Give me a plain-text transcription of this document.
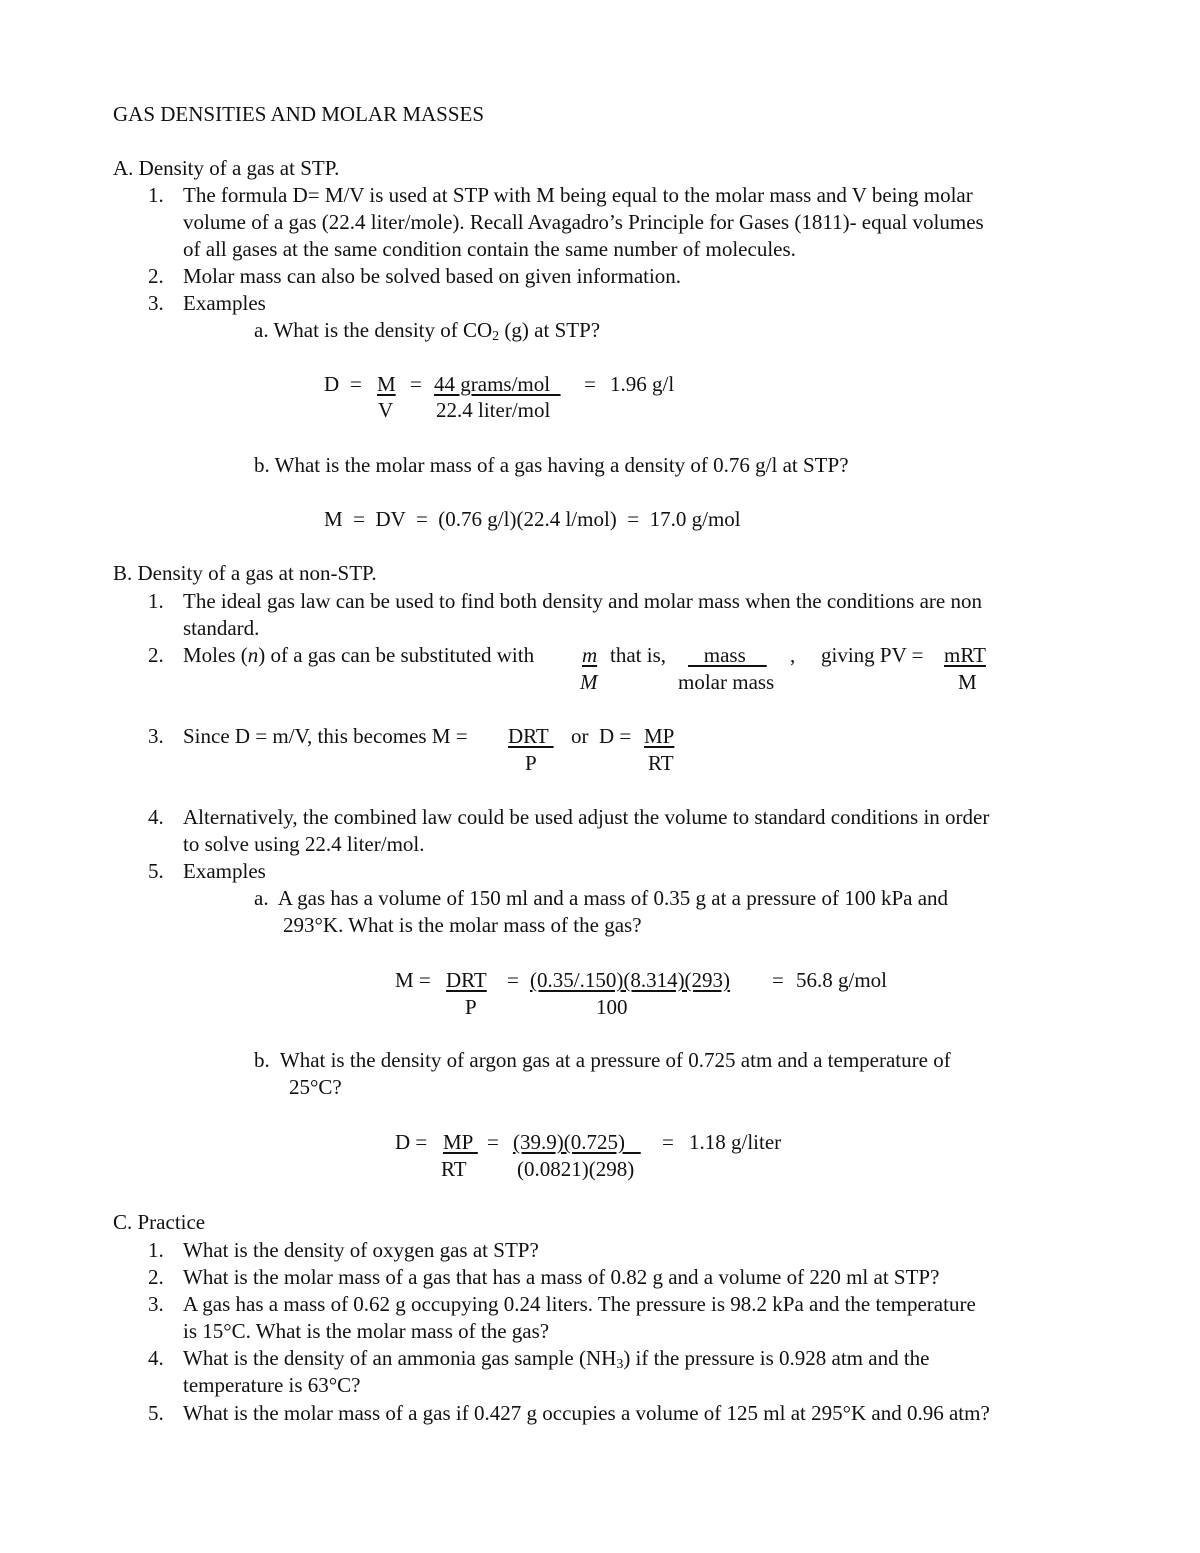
GAS DENSITIES AND MOLAR MASSES
A. Density of a gas at STP.
1. The formula D= M/V is used at STP with M being equal to the molar mass and V being molar
volume of a gas (22.4 liter/mole). Recall Avagadro’s Principle for Gases (1811)- equal volumes
of all gases at the same condition contain the same number of molecules.
2. Molar mass can also be solved based on given information.
3. Examples
a. What is the density of $CO_2$ (g) at STP?
D = M
V
= 44 grams/mol
22.4 liter/mol
= 1.96 g/l
b. What is the molar mass of a gas having a density of 0.76 g/l at STP?
M  =  DV  =  (0.76 g/l)(22.4 l/mol)  =  17.0 g/mol
B. Density of a gas at non-STP.
1. The ideal gas law can be used to find both density and molar mass when the conditions are non
standard.
2. Moles (n) of a gas can be substituted with m
M
that is, mass ,
molar mass
giving PV = mRT
M
3. Since D = m/V, this becomes M = DRT
P
or  D = MP
RT
4. Alternatively, the combined law could be used adjust the volume to standard conditions in order
to solve using 22.4 liter/mol.
5. Examples
a.  A gas has a volume of 150 ml and a mass of 0.35 g at a pressure of 100 kPa and
293°K. What is the molar mass of the gas?
M = DRT
P
= (0.35/.150)(8.314)(293)
100
= 56.8 g/mol
b.  What is the density of argon gas at a pressure of 0.725 atm and a temperature of
25°C?
D = MP
RT
= (39.9)(0.725)
(0.0821)(298)
= 1.18 g/liter
C. Practice
1. What is the density of oxygen gas at STP?
2. What is the molar mass of a gas that has a mass of 0.82 g and a volume of 220 ml at STP?
3. A gas has a mass of 0.62 g occupying 0.24 liters. The pressure is 98.2 kPa and the temperature
is 15°C. What is the molar mass of the gas?
4. What is the density of an ammonia gas sample $(NH_3)$ if the pressure is 0.928 atm and the
temperature is 63°C?
5. What is the molar mass of a gas if 0.427 g occupies a volume of 125 ml at 295°K and 0.96 atm?
